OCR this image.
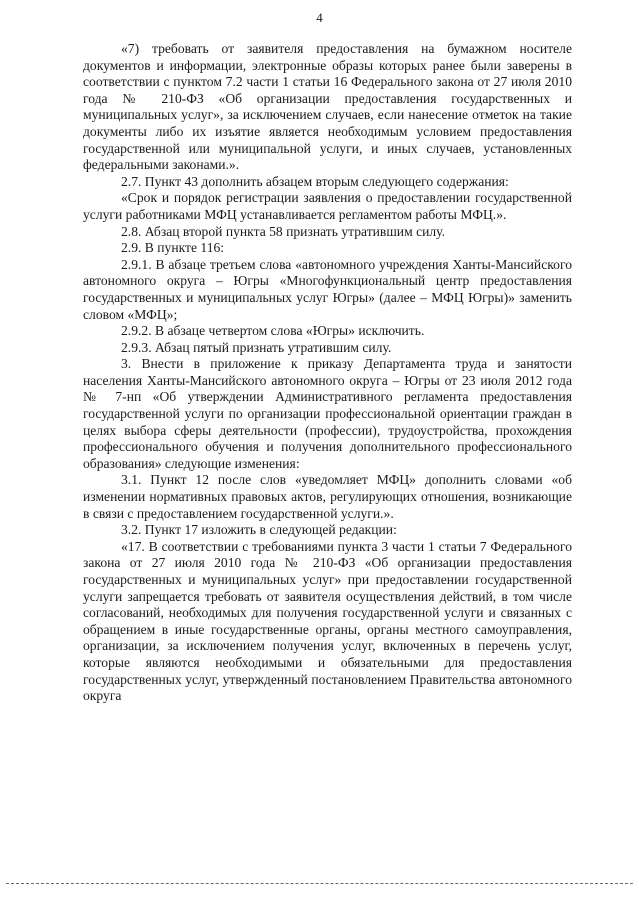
4

«7) требовать от заявителя предоставления на бумажном носителе документов и информации, электронные образы которых ранее были заверены в соответствии с пунктом 7.2 части 1 статьи 16 Федерального закона от 27 июля 2010 года № 210-ФЗ «Об организации предоставления государственных и муниципальных услуг», за исключением случаев, если нанесение отметок на такие документы либо их изъятие является необходимым условием предоставления государственной или муниципальной услуги, и иных случаев, установленных федеральными законами.».

2.7. Пункт 43 дополнить абзацем вторым следующего содержания:

«Срок и порядок регистрации заявления о предоставлении государственной услуги работниками МФЦ устанавливается регламентом работы МФЦ.».

2.8. Абзац второй пункта 58 признать утратившим силу.

2.9. В пункте 116:

2.9.1. В абзаце третьем слова «автономного учреждения Ханты-Мансийского автономного округа – Югры «Многофункциональный центр предоставления государственных и муниципальных услуг Югры» (далее – МФЦ Югры)» заменить словом «МФЦ»;

2.9.2. В абзаце четвертом слова «Югры» исключить.

2.9.3. Абзац пятый признать утратившим силу.

3. Внести в приложение к приказу Департамента труда и занятости населения Ханты-Мансийского автономного округа – Югры от 23 июля 2012 года № 7-нп «Об утверждении Административного регламента предоставления государственной услуги по организации профессиональной ориентации граждан в целях выбора сферы деятельности (профессии), трудоустройства, прохождения профессионального обучения и получения дополнительного профессионального образования» следующие изменения:

3.1. Пункт 12 после слов «уведомляет МФЦ» дополнить словами «об изменении нормативных правовых актов, регулирующих отношения, возникающие в связи с предоставлением государственной услуги.».

3.2. Пункт 17 изложить в следующей редакции:

«17. В соответствии с требованиями пункта 3 части 1 статьи 7 Федерального закона от 27 июля 2010 года № 210-ФЗ «Об организации предоставления государственных и муниципальных услуг» при предоставлении государственной услуги запрещается требовать от заявителя осуществления действий, в том числе согласований, необходимых для получения государственной услуги и связанных с обращением в иные государственные органы, органы местного самоуправления, организации, за исключением получения услуг, включенных в перечень услуг, которые являются необходимыми и обязательными для предоставления государственных услуг, утвержденный постановлением Правительства автономного округа
